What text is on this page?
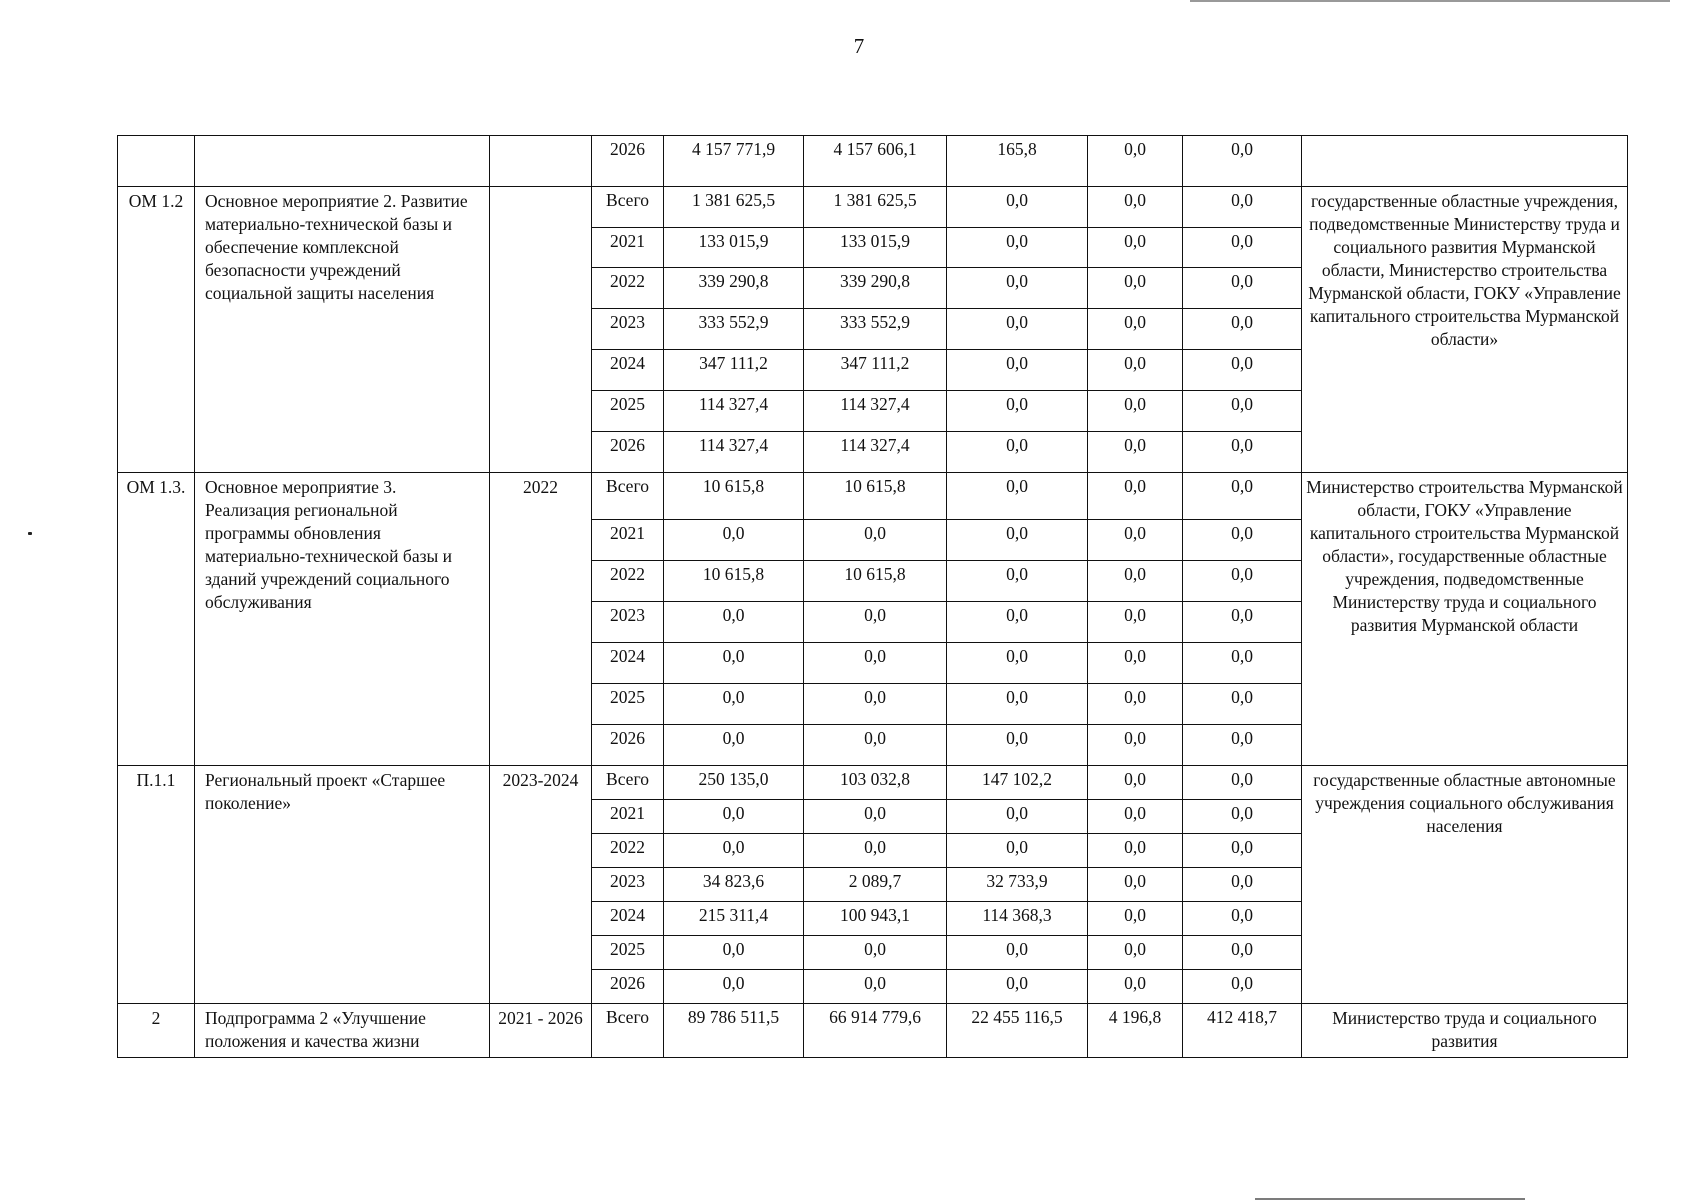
7
			2026	4 157 771,9	4 157 606,1	165,8	0,0	0,0	
ОМ 1.2	Основное мероприятие 2. Развитие материально-технической базы и обеспечение комплексной безопасности учреждений социальной защиты населения		Всего	1 381 625,5	1 381 625,5	0,0	0,0	0,0	государственные областные учреждения, подведомственные Министерству труда и социального развития Мурманской области, Министерство строительства Мурманской области, ГОКУ «Управление капитального строительства Мурманской области»
			2021	133 015,9	133 015,9	0,0	0,0	0,0	
			2022	339 290,8	339 290,8	0,0	0,0	0,0	
			2023	333 552,9	333 552,9	0,0	0,0	0,0	
			2024	347 111,2	347 111,2	0,0	0,0	0,0	
			2025	114 327,4	114 327,4	0,0	0,0	0,0	
			2026	114 327,4	114 327,4	0,0	0,0	0,0	
ОМ 1.3.	Основное мероприятие 3. Реализация региональной программы обновления материально-технической базы и зданий учреждений социального обслуживания	2022	Всего	10 615,8	10 615,8	0,0	0,0	0,0	Министерство строительства Мурманской области, ГОКУ «Управление капитального строительства Мурманской области», государственные областные учреждения, подведомственные Министерству труда и социального развития Мурманской области
			2021	0,0	0,0	0,0	0,0	0,0	
			2022	10 615,8	10 615,8	0,0	0,0	0,0	
			2023	0,0	0,0	0,0	0,0	0,0	
			2024	0,0	0,0	0,0	0,0	0,0	
			2025	0,0	0,0	0,0	0,0	0,0	
			2026	0,0	0,0	0,0	0,0	0,0	
П.1.1	Региональный проект «Старшее поколение»	2023-2024	Всего	250 135,0	103 032,8	147 102,2	0,0	0,0	государственные областные автономные учреждения социального обслуживания населения
			2021	0,0	0,0	0,0	0,0	0,0	
			2022	0,0	0,0	0,0	0,0	0,0	
			2023	34 823,6	2 089,7	32 733,9	0,0	0,0	
			2024	215 311,4	100 943,1	114 368,3	0,0	0,0	
			2025	0,0	0,0	0,0	0,0	0,0	
			2026	0,0	0,0	0,0	0,0	0,0	
2	Подпрограмма 2 «Улучшение положения и качества жизни	2021 - 2026	Всего	89 786 511,5	66 914 779,6	22 455 116,5	4 196,8	412 418,7	Министерство труда и социального развития
